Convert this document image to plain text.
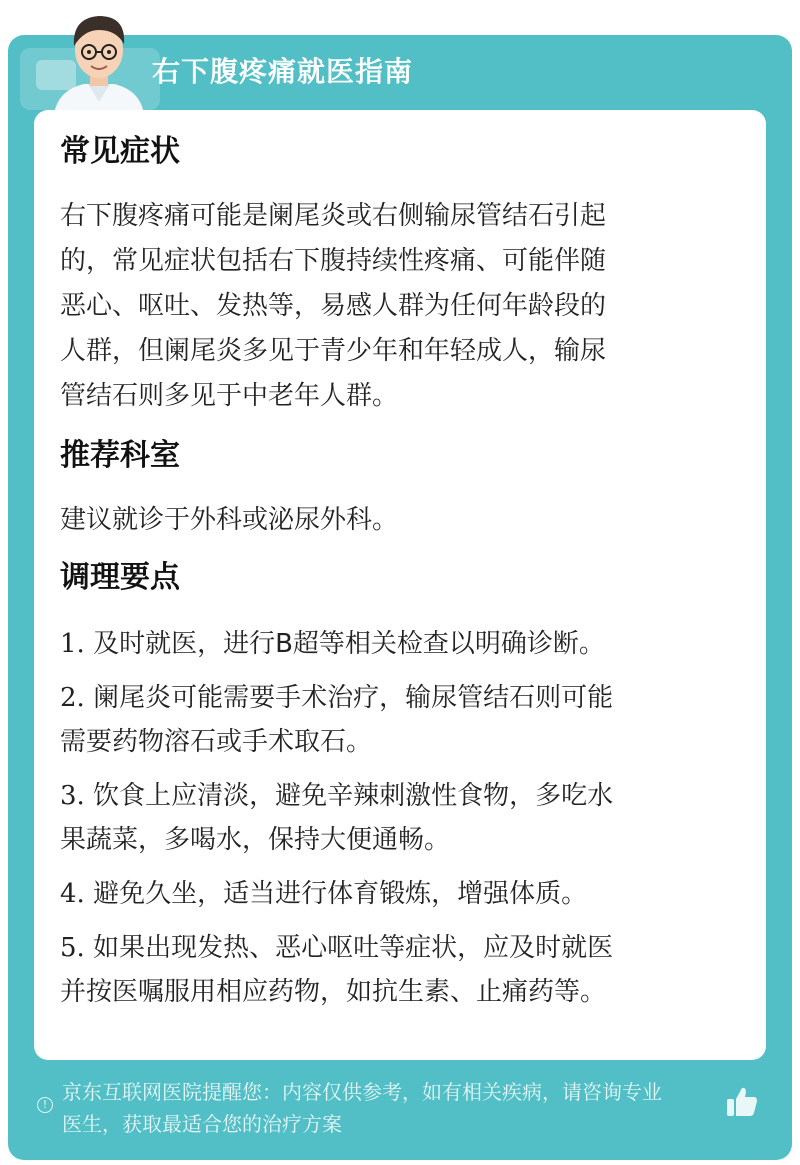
右下腹疼痛就医指南

常见症状

右下腹疼痛可能是阑尾炎或右侧输尿管结石引起

的，常见症状包括右下腹持续性疼痛、可能伴随

恶心、呕吐、发热等，易感人群为任何年龄段的

人群，但阑尾炎多见于青少年和年轻成人，输尿

管结石则多见于中老年人群。

推荐科室

建议就诊于外科或泌尿外科。

调理要点

1. 及时就医，进行B超等相关检查以明确诊断。

2. 阑尾炎可能需要手术治疗，输尿管结石则可能

需要药物溶石或手术取石。

3. 饮食上应清淡，避免辛辣刺激性食物，多吃水

果蔬菜，多喝水，保持大便通畅。

4. 避免久坐，适当进行体育锻炼，增强体质。

5. 如果出现发热、恶心呕吐等症状，应及时就医

并按医嘱服用相应药物，如抗生素、止痛药等。

!
京东互联网医院提醒您：内容仅供参考，如有相关疾病，请咨询专业
医生，获取最适合您的治疗方案
